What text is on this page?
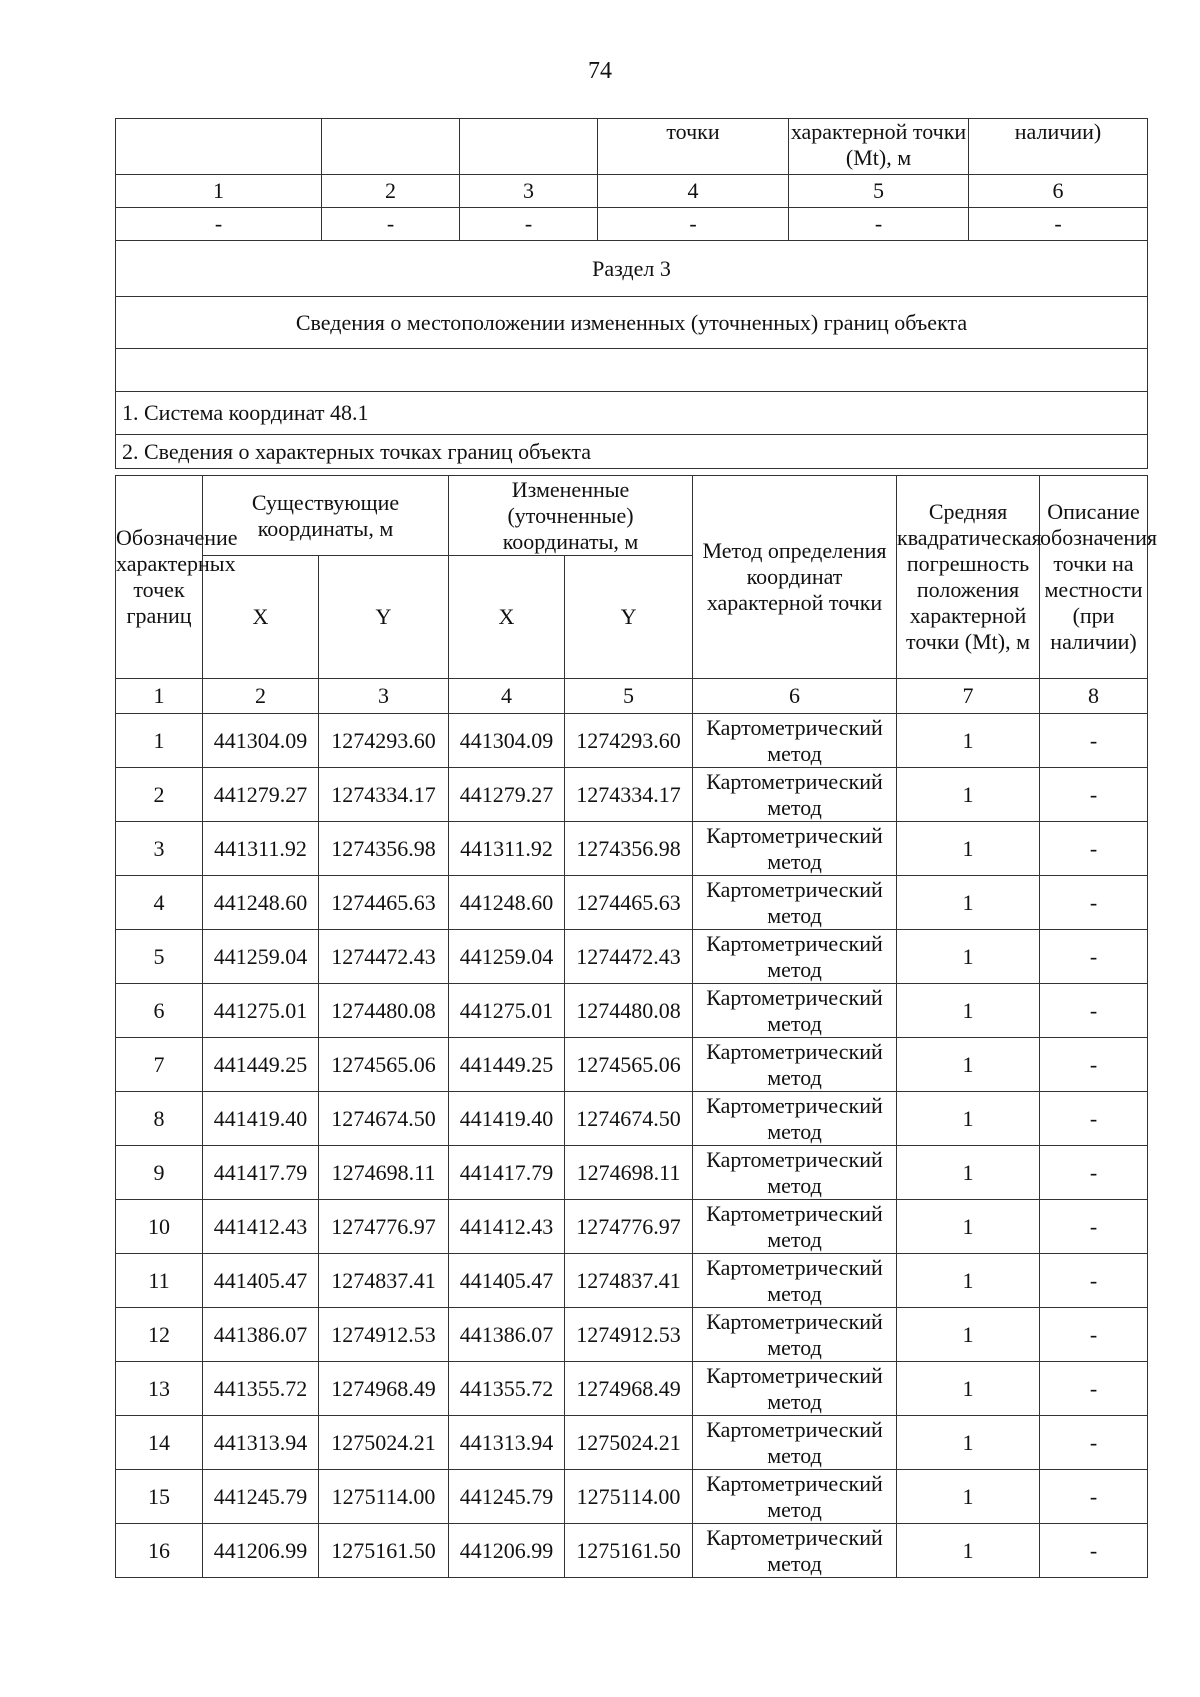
74
			точки	характерной точки (Mt), м	наличии)
1	2	3	4	5	6
-	-	-	-	-	-
Раздел 3					
Сведения о местоположении измененных (уточненных) границ объекта					

1. Система координат 48.1					
2. Сведения о характерных точках границ объекта					
Обозначение характерных точек границ	Существующие координаты, м		Измененные (уточненные) координаты, м		Метод определения координат характерной точки	Средняя квадратическая погрешность положения характерной точки (Mt), м	Описание обозначения точки на местности (при наличии)
	X	Y	X	Y			
1	2	3	4	5	6	7	8
1	441304.09	1274293.60	441304.09	1274293.60	Картометрический метод	1	-
2	441279.27	1274334.17	441279.27	1274334.17	Картометрический метод	1	-
3	441311.92	1274356.98	441311.92	1274356.98	Картометрический метод	1	-
4	441248.60	1274465.63	441248.60	1274465.63	Картометрический метод	1	-
5	441259.04	1274472.43	441259.04	1274472.43	Картометрический метод	1	-
6	441275.01	1274480.08	441275.01	1274480.08	Картометрический метод	1	-
7	441449.25	1274565.06	441449.25	1274565.06	Картометрический метод	1	-
8	441419.40	1274674.50	441419.40	1274674.50	Картометрический метод	1	-
9	441417.79	1274698.11	441417.79	1274698.11	Картометрический метод	1	-
10	441412.43	1274776.97	441412.43	1274776.97	Картометрический метод	1	-
11	441405.47	1274837.41	441405.47	1274837.41	Картометрический метод	1	-
12	441386.07	1274912.53	441386.07	1274912.53	Картометрический метод	1	-
13	441355.72	1274968.49	441355.72	1274968.49	Картометрический метод	1	-
14	441313.94	1275024.21	441313.94	1275024.21	Картометрический метод	1	-
15	441245.79	1275114.00	441245.79	1275114.00	Картометрический метод	1	-
16	441206.99	1275161.50	441206.99	1275161.50	Картометрический метод	1	-
